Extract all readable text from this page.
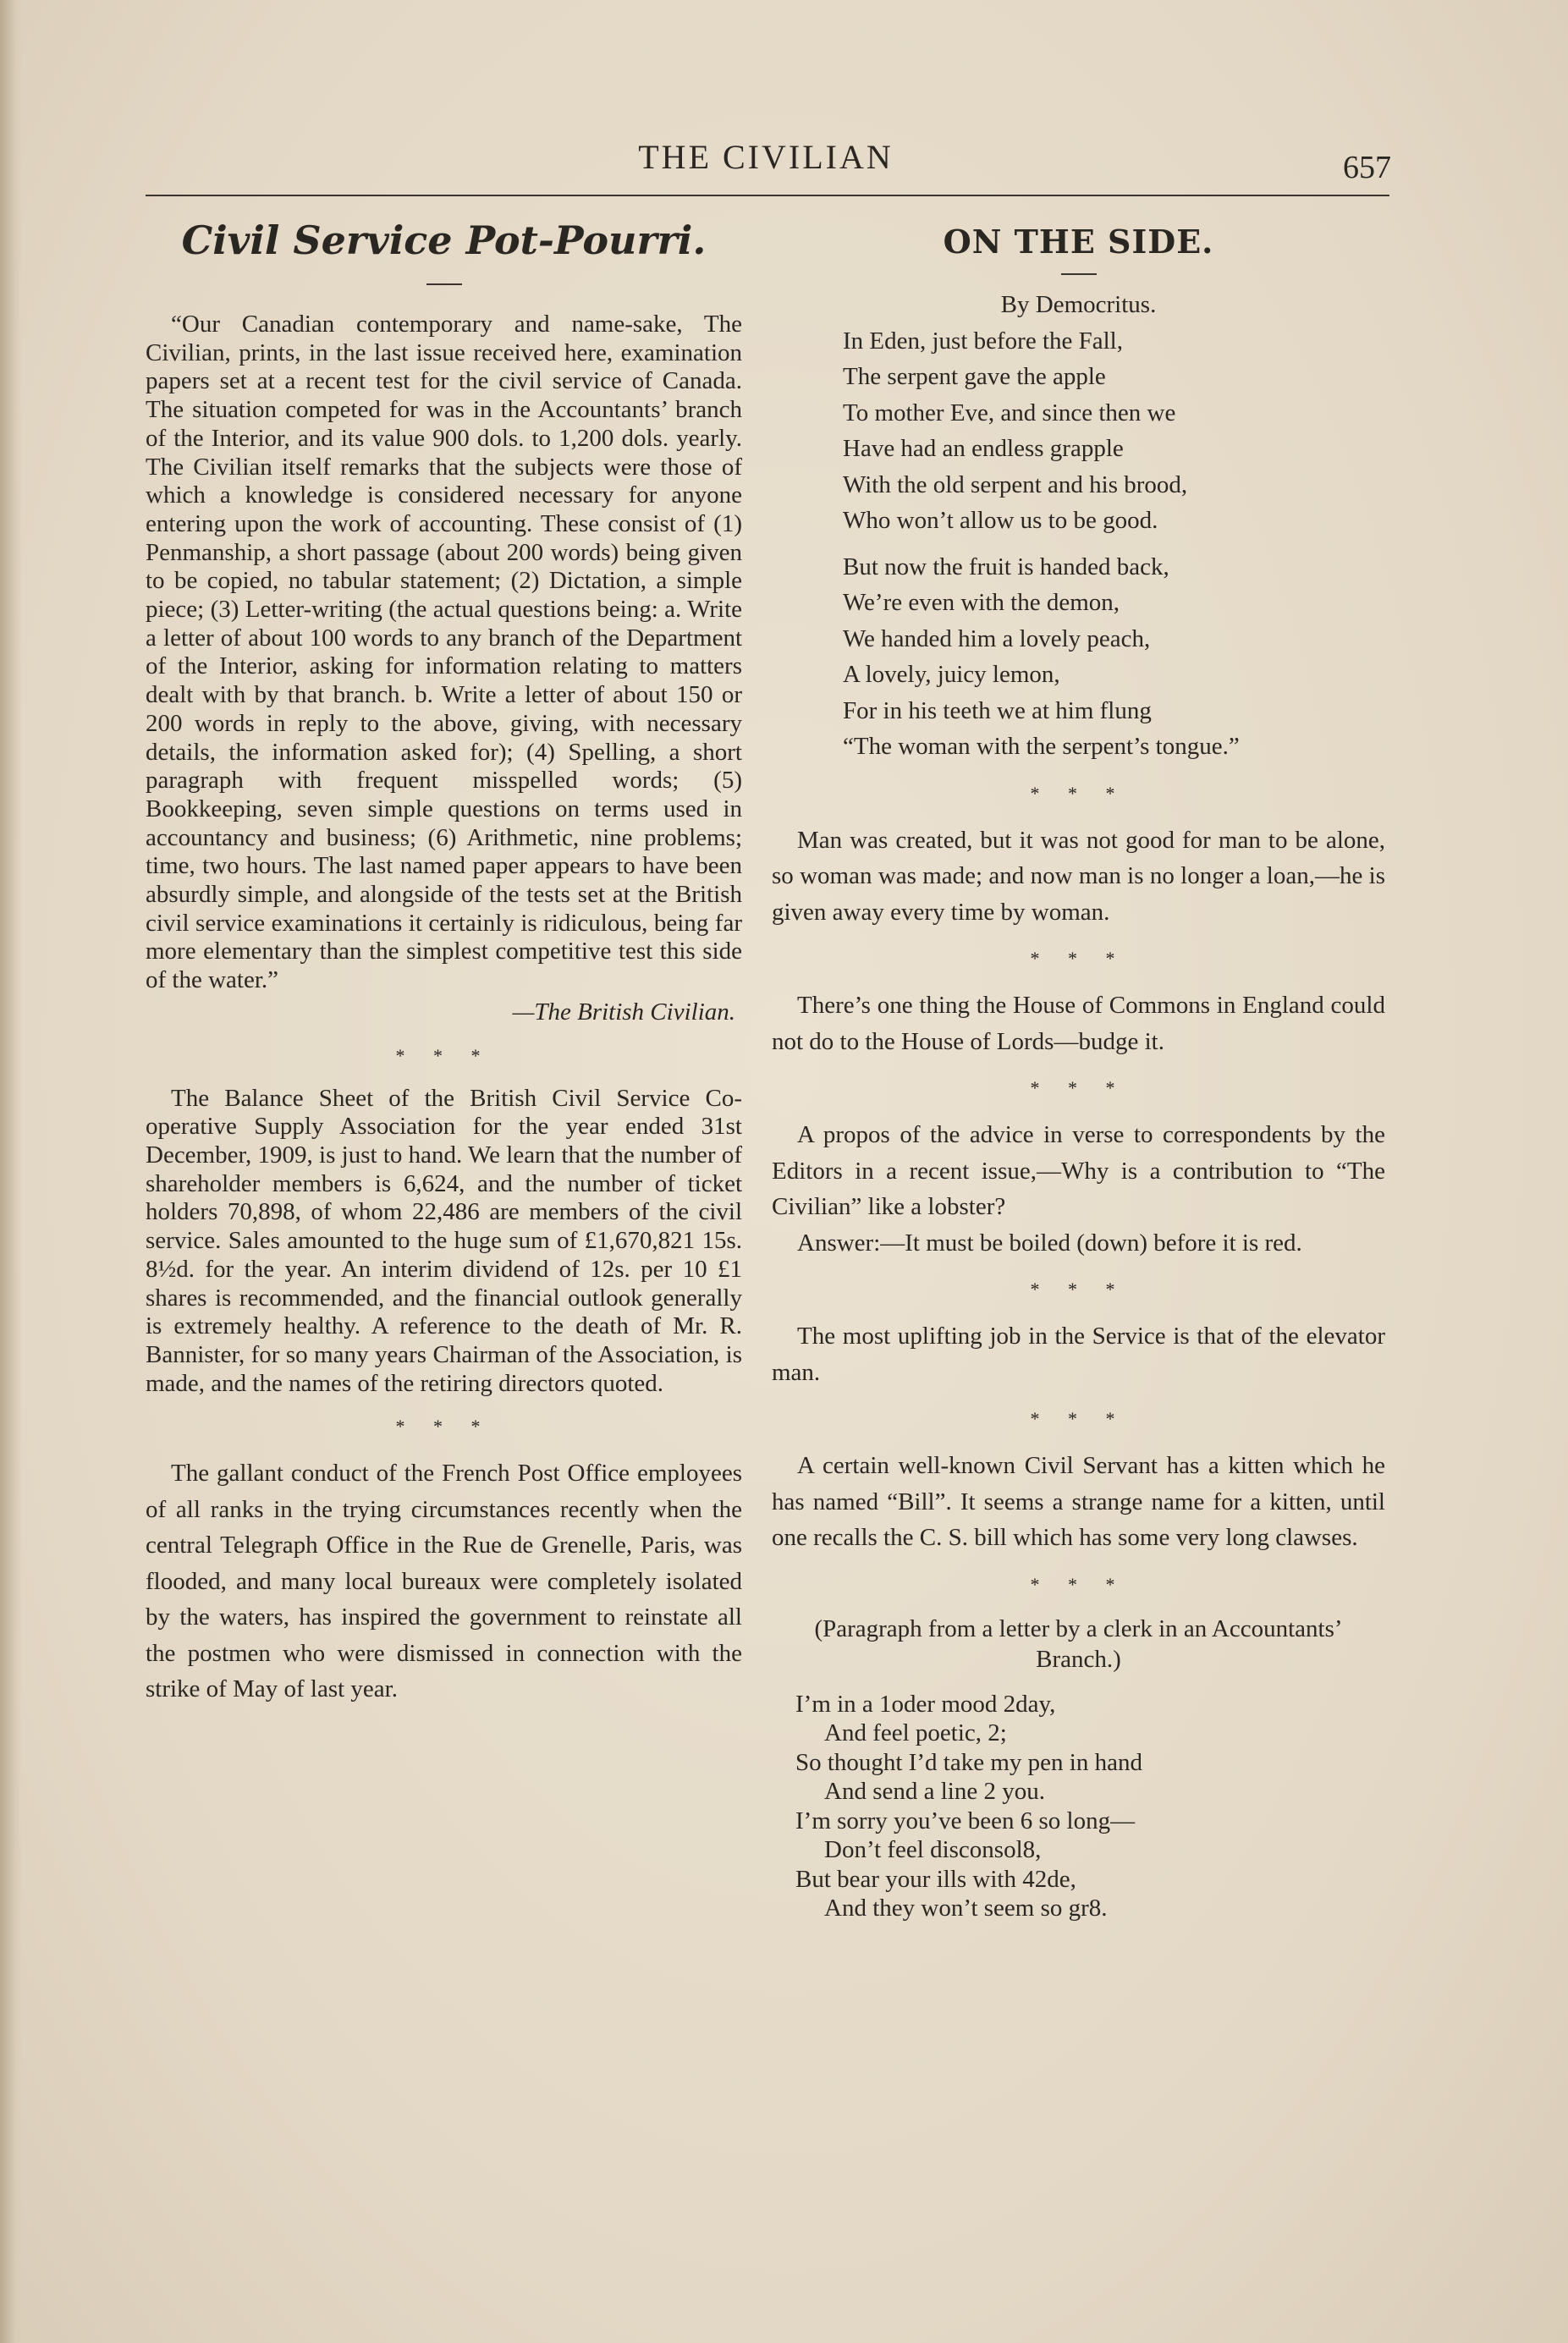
THE CIVILIAN	657
Civil Service Pot-Pourri.

“Our Canadian contemporary and name-sake, The Civilian, prints, in the last issue received here, examination papers set at a recent test for the civil service of Canada. The situation competed for was in the Accountants’ branch of the Interior, and its value 900 dols. to 1,200 dols. yearly. The Civilian itself remarks that the subjects were those of which a knowledge is considered necessary for anyone entering upon the work of accounting. These consist of (1) Penmanship, a short passage (about 200 words) being given to be copied, no tabular statement; (2) Dictation, a simple piece; (3) Letter-writing (the actual questions being: a. Write a letter of about 100 words to any branch of the Department of the Interior, asking for information relating to matters dealt with by that branch. b. Write a letter of about 150 or 200 words in reply to the above, giving, with necessary details, the information asked for); (4) Spelling, a short paragraph with frequent misspelled words; (5) Bookkeeping, seven simple questions on terms used in accountancy and business; (6) Arithmetic, nine problems; time, two hours. The last named paper appears to have been absurdly simple, and alongside of the tests set at the British civil service examinations it certainly is ridiculous, being far more elementary than the simplest competitive test this side of the water.”

—The British Civilian.

* * *

The Balance Sheet of the British Civil Service Co-operative Supply Association for the year ended 31st December, 1909, is just to hand. We learn that the number of shareholder members is 6,624, and the number of ticket holders 70,898, of whom 22,486 are members of the civil service. Sales amounted to the huge sum of £1,670,821 15s. 8½d. for the year. An interim dividend of 12s. per 10 £1 shares is recommended, and the financial outlook generally is extremely healthy. A reference to the death of Mr. R. Bannister, for so many years Chairman of the Association, is made, and the names of the retiring directors quoted.

* * *

The gallant conduct of the French Post Office employees of all ranks in the trying circumstances recently when the central Telegraph Office in the Rue de Grenelle, Paris, was flooded, and many local bureaux were completely isolated by the waters, has inspired the government to reinstate all the postmen who were dismissed in connection with the strike of May of last year.

ON THE SIDE.

By Democritus.

In Eden, just before the Fall,
The serpent gave the apple
To mother Eve, and since then we
Have had an endless grapple
With the old serpent and his brood,
Who won’t allow us to be good.
But now the fruit is handed back,
We’re even with the demon,
We handed him a lovely peach,
A lovely, juicy lemon,
For in his teeth we at him flung
“The woman with the serpent’s tongue.”
* * *

Man was created, but it was not good for man to be alone, so woman was made; and now man is no longer a loan,—he is given away every time by woman.

* * *

There’s one thing the House of Commons in England could not do to the House of Lords—budge it.

* * *

A propos of the advice in verse to correspondents by the Editors in a recent issue,—Why is a contribution to “The Civilian” like a lobster?

Answer:—It must be boiled (down) before it is red.

* * *

The most uplifting job in the Service is that of the elevator man.

* * *

A certain well-known Civil Servant has a kitten which he has named “Bill”. It seems a strange name for a kitten, until one recalls the C. S. bill which has some very long clawses.

* * *

(Paragraph from a letter by a clerk in an Accountants’ Branch.)

I’m in a 1oder mood 2day,
And feel poetic, 2;
So thought I’d take my pen in hand
And send a line 2 you.
I’m sorry you’ve been 6 so long—
Don’t feel disconsol8,
But bear your ills with 42de,
And they won’t seem so gr8.
